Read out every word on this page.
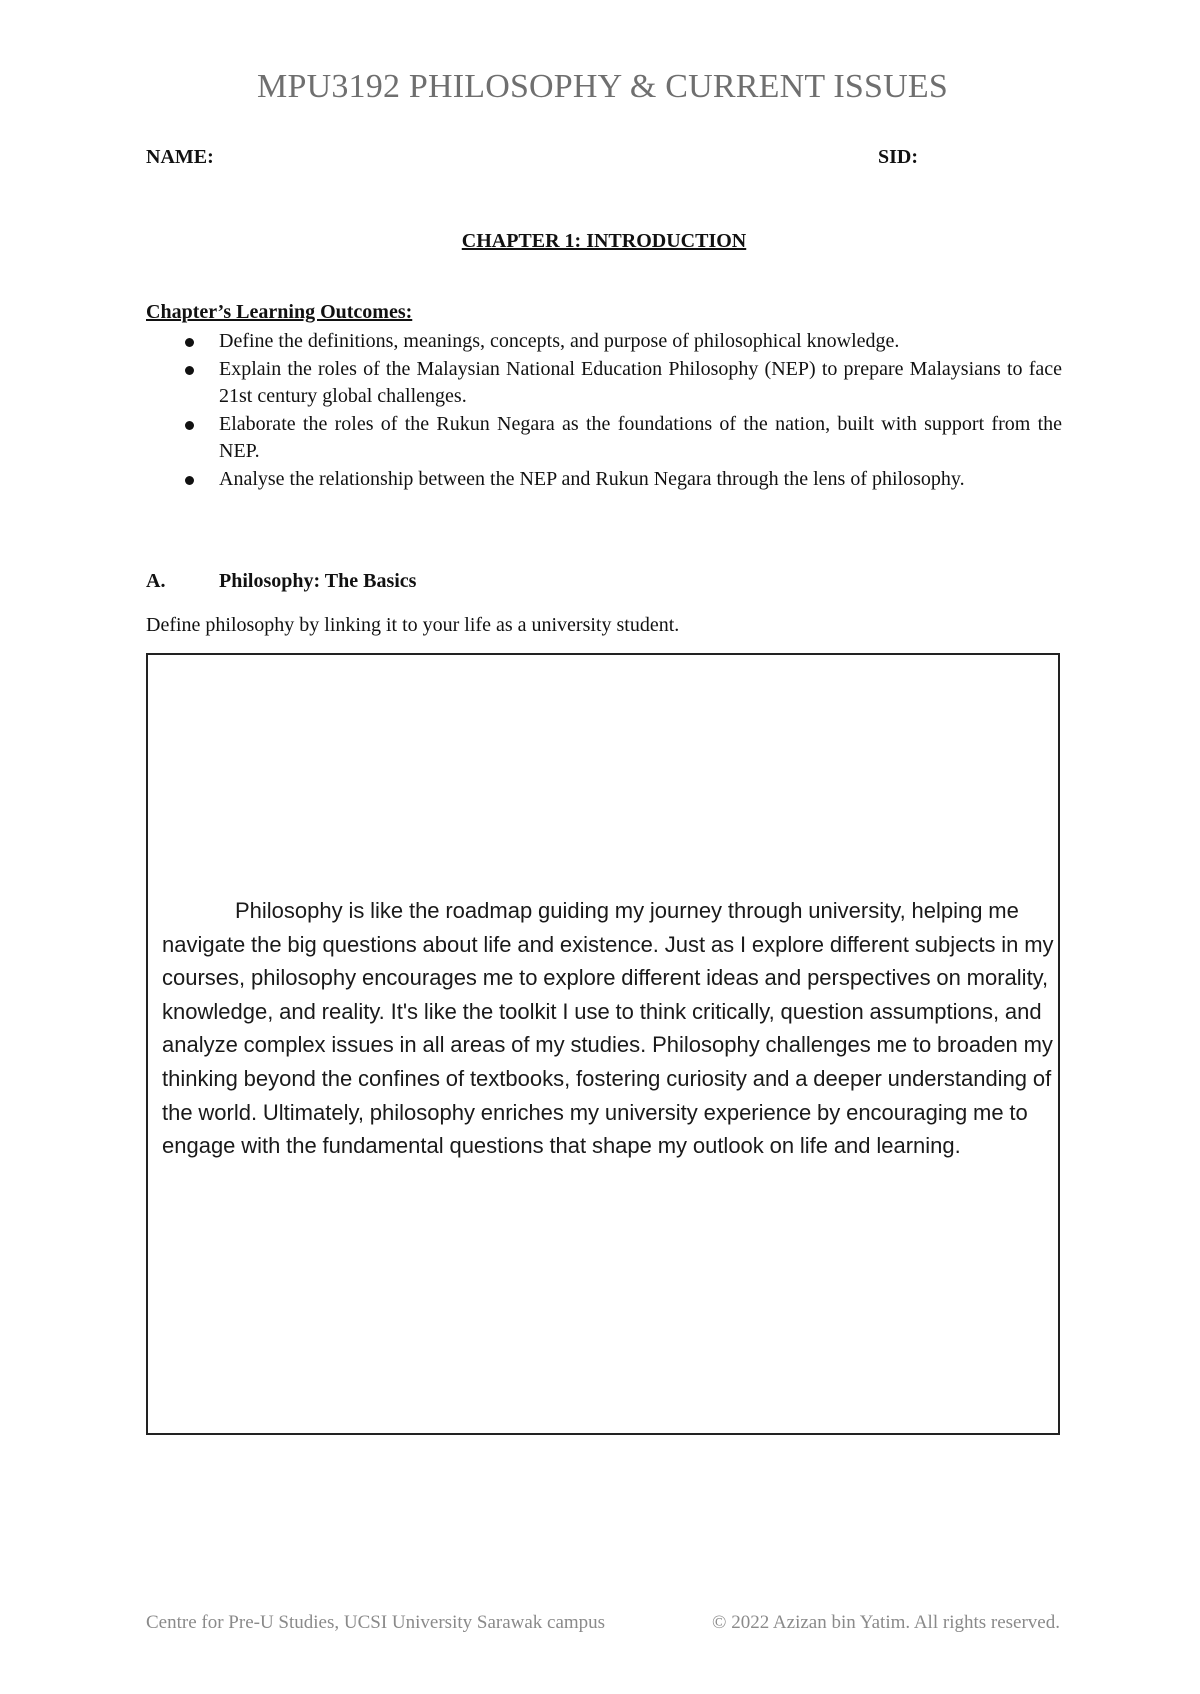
MPU3192 PHILOSOPHY & CURRENT ISSUES
NAME:	SID:
CHAPTER 1: INTRODUCTION
Chapter’s Learning Outcomes:
Define the definitions, meanings, concepts, and purpose of philosophical knowledge.
Explain the roles of the Malaysian National Education Philosophy (NEP) to prepare Malaysians to face 21st century global challenges.
Elaborate the roles of the Rukun Negara as the foundations of the nation, built with support from the NEP.
Analyse the relationship between the NEP and Rukun Negara through the lens of philosophy.
A.	Philosophy: The Basics

Define philosophy by linking it to your life as a university student.

Philosophy is like the roadmap guiding my journey through university, helping me navigate the big questions about life and existence. Just as I explore different subjects in my courses, philosophy encourages me to explore different ideas and perspectives on morality, knowledge, and reality. It's like the toolkit I use to think critically, question assumptions, and analyze complex issues in all areas of my studies. Philosophy challenges me to broaden my thinking beyond the confines of textbooks, fostering curiosity and a deeper understanding of the world. Ultimately, philosophy enriches my university experience by encouraging me to engage with the fundamental questions that shape my outlook on life and learning.

Centre for Pre-U Studies, UCSI University Sarawak campus	© 2022 Azizan bin Yatim. All rights reserved.
